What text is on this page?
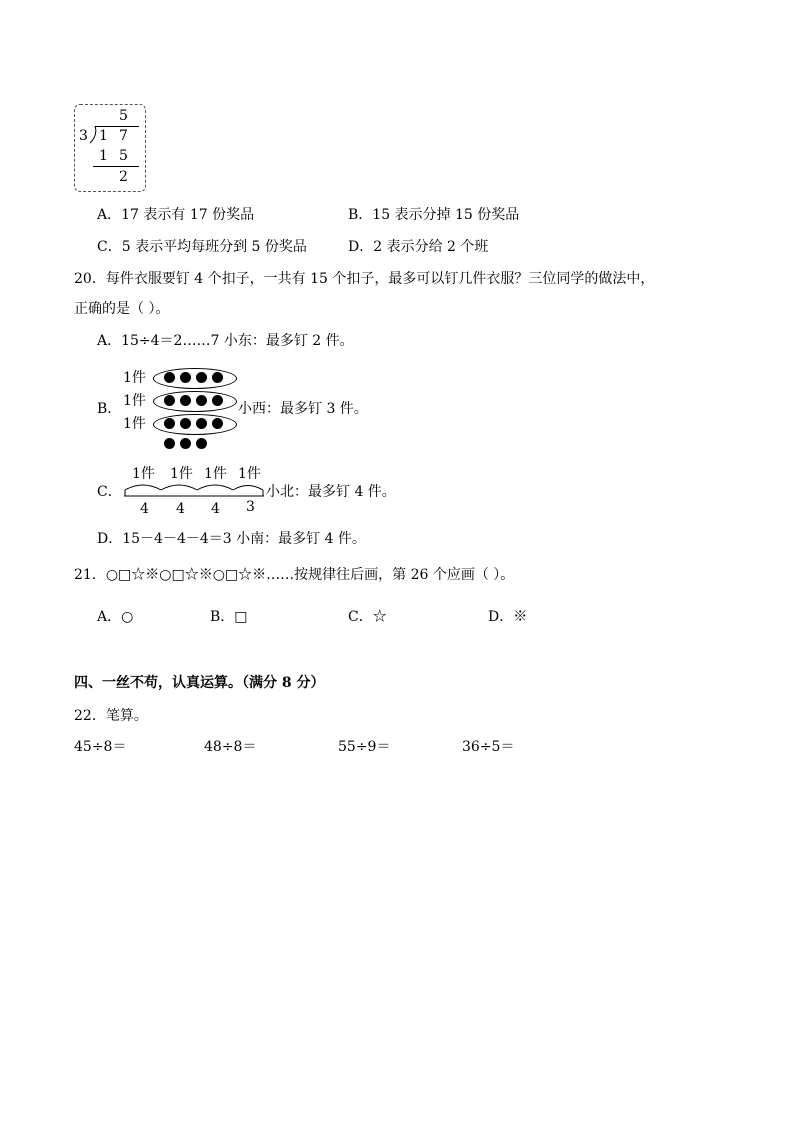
5
3 1 7
1 5
2
A．17 表示有 17 份奖品	B．15 表示分掉 15 份奖品
C．5 表示平均每班分到 5 份奖品	D．2 表示分给 2 个班
20．每件衣服要钉 4 个扣子，一共有 15 个扣子，最多可以钉几件衣服？三位同学的做法中，
正确的是（ ）。
A．15÷4＝2……7 小东：最多钉 2 件。
B．
1件
1件
1件
小西：最多钉 3 件。
C．
1件 1件 1件 1件
4 4 4 3
小北：最多钉 4 件。
D．15－4－4－4＝3 小南：最多钉 4 件。
21．○□☆※○□☆※○□☆※……按规律往后画，第 26 个应画（ ）。
A．○	B．□	C．☆	D．※
四、一丝不苟，认真运算。（满分 8 分）
22．笔算。
45÷8＝	48÷8＝	55÷9＝	36÷5＝
